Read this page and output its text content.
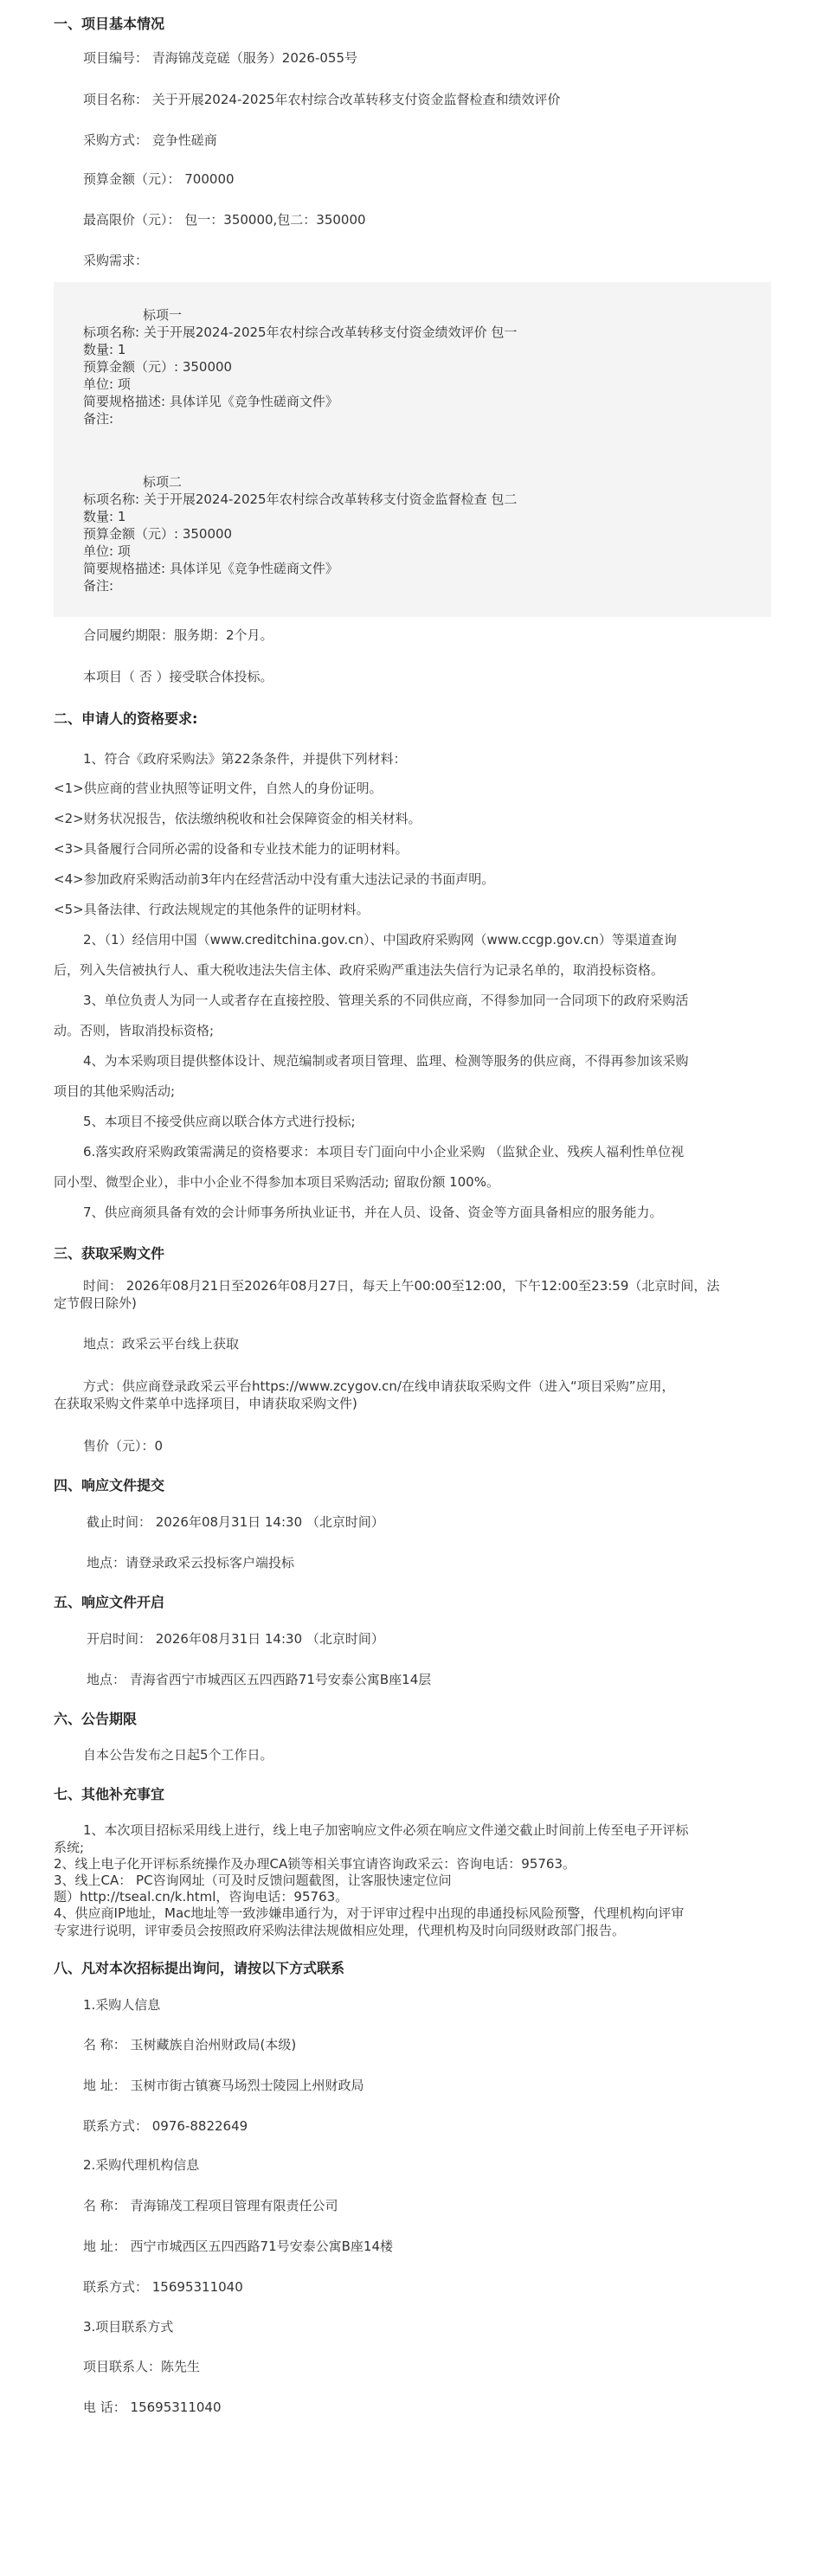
一、项目基本情况
项目编号： 青海锦茂竞磋（服务）2026-055号
项目名称： 关于开展2024-2025年农村综合改革转移支付资金监督检查和绩效评价
采购方式： 竞争性磋商
预算金额（元）： 700000
最高限价（元）： 包一：350000,包二：350000
采购需求：
标项一
标项名称: 关于开展2024-2025年农村综合改革转移支付资金绩效评价 包一
数量: 1
预算金额（元）: 350000
单位: 项
简要规格描述: 具体详见《竞争性磋商文件》
备注:
标项二
标项名称: 关于开展2024-2025年农村综合改革转移支付资金监督检查 包二
数量: 1
预算金额（元）: 350000
单位: 项
简要规格描述: 具体详见《竞争性磋商文件》
备注:
合同履约期限：服务期：2个月。
本项目（ 否 ）接受联合体投标。
二、申请人的资格要求:
1、符合《政府采购法》第22条条件，并提供下列材料：
<1>供应商的营业执照等证明文件，自然人的身份证明。
<2>财务状况报告，依法缴纳税收和社会保障资金的相关材料。
<3>具备履行合同所必需的设备和专业技术能力的证明材料。
<4>参加政府采购活动前3年内在经营活动中没有重大违法记录的书面声明。
<5>具备法律、行政法规规定的其他条件的证明材料。
2、（1）经信用中国（www.creditchina.gov.cn）、中国政府采购网（www.ccgp.gov.cn）等渠道查询
后，列入失信被执行人、重大税收违法失信主体、政府采购严重违法失信行为记录名单的，取消投标资格。
3、单位负责人为同一人或者存在直接控股、管理关系的不同供应商，不得参加同一合同项下的政府采购活
动。否则，皆取消投标资格;
4、为本采购项目提供整体设计、规范编制或者项目管理、监理、检测等服务的供应商，不得再参加该采购
项目的其他采购活动;
5、本项目不接受供应商以联合体方式进行投标;
6.落实政府采购政策需满足的资格要求：本项目专门面向中小企业采购 （监狱企业、残疾人福利性单位视
同小型、微型企业），非中小企业不得参加本项目采购活动; 留取份额 100%。
7、供应商须具备有效的会计师事务所执业证书，并在人员、设备、资金等方面具备相应的服务能力。
三、获取采购文件
时间： 2026年08月21日至2026年08月27日，每天上午00:00至12:00，下午12:00至23:59（北京时间，法
定节假日除外)
地点：政采云平台线上获取
方式：供应商登录政采云平台https://www.zcygov.cn/在线申请获取采购文件（进入“项目采购”应用，
在获取采购文件菜单中选择项目，申请获取采购文件)
售价（元）：0
四、响应文件提交
截止时间： 2026年08月31日 14:30 （北京时间）
地点：请登录政采云投标客户端投标
五、响应文件开启
开启时间： 2026年08月31日 14:30 （北京时间）
地点： 青海省西宁市城西区五四西路71号安泰公寓B座14层
六、公告期限
自本公告发布之日起5个工作日。
七、其他补充事宜
1、本次项目招标采用线上进行，线上电子加密响应文件必须在响应文件递交截止时间前上传至电子开评标
系统;
2、线上电子化开评标系统操作及办理CA锁等相关事宜请咨询政采云：咨询电话：95763。
3、线上CA： PC咨询网址（可及时反馈问题截图，让客服快速定位问
题）http://tseal.cn/k.html，咨询电话：95763。
4、供应商IP地址，Mac地址等一致涉嫌串通行为，对于评审过程中出现的串通投标风险预警，代理机构向评审
专家进行说明，评审委员会按照政府采购法律法规做相应处理，代理机构及时向同级财政部门报告。
八、凡对本次招标提出询问，请按以下方式联系
1.采购人信息
名 称： 玉树藏族自治州财政局(本级)
地 址： 玉树市街古镇赛马场烈士陵园上州财政局
联系方式： 0976-8822649
2.采购代理机构信息
名 称： 青海锦茂工程项目管理有限责任公司
地 址： 西宁市城西区五四西路71号安泰公寓B座14楼
联系方式： 15695311040
3.项目联系方式
项目联系人：陈先生
电 话： 15695311040
